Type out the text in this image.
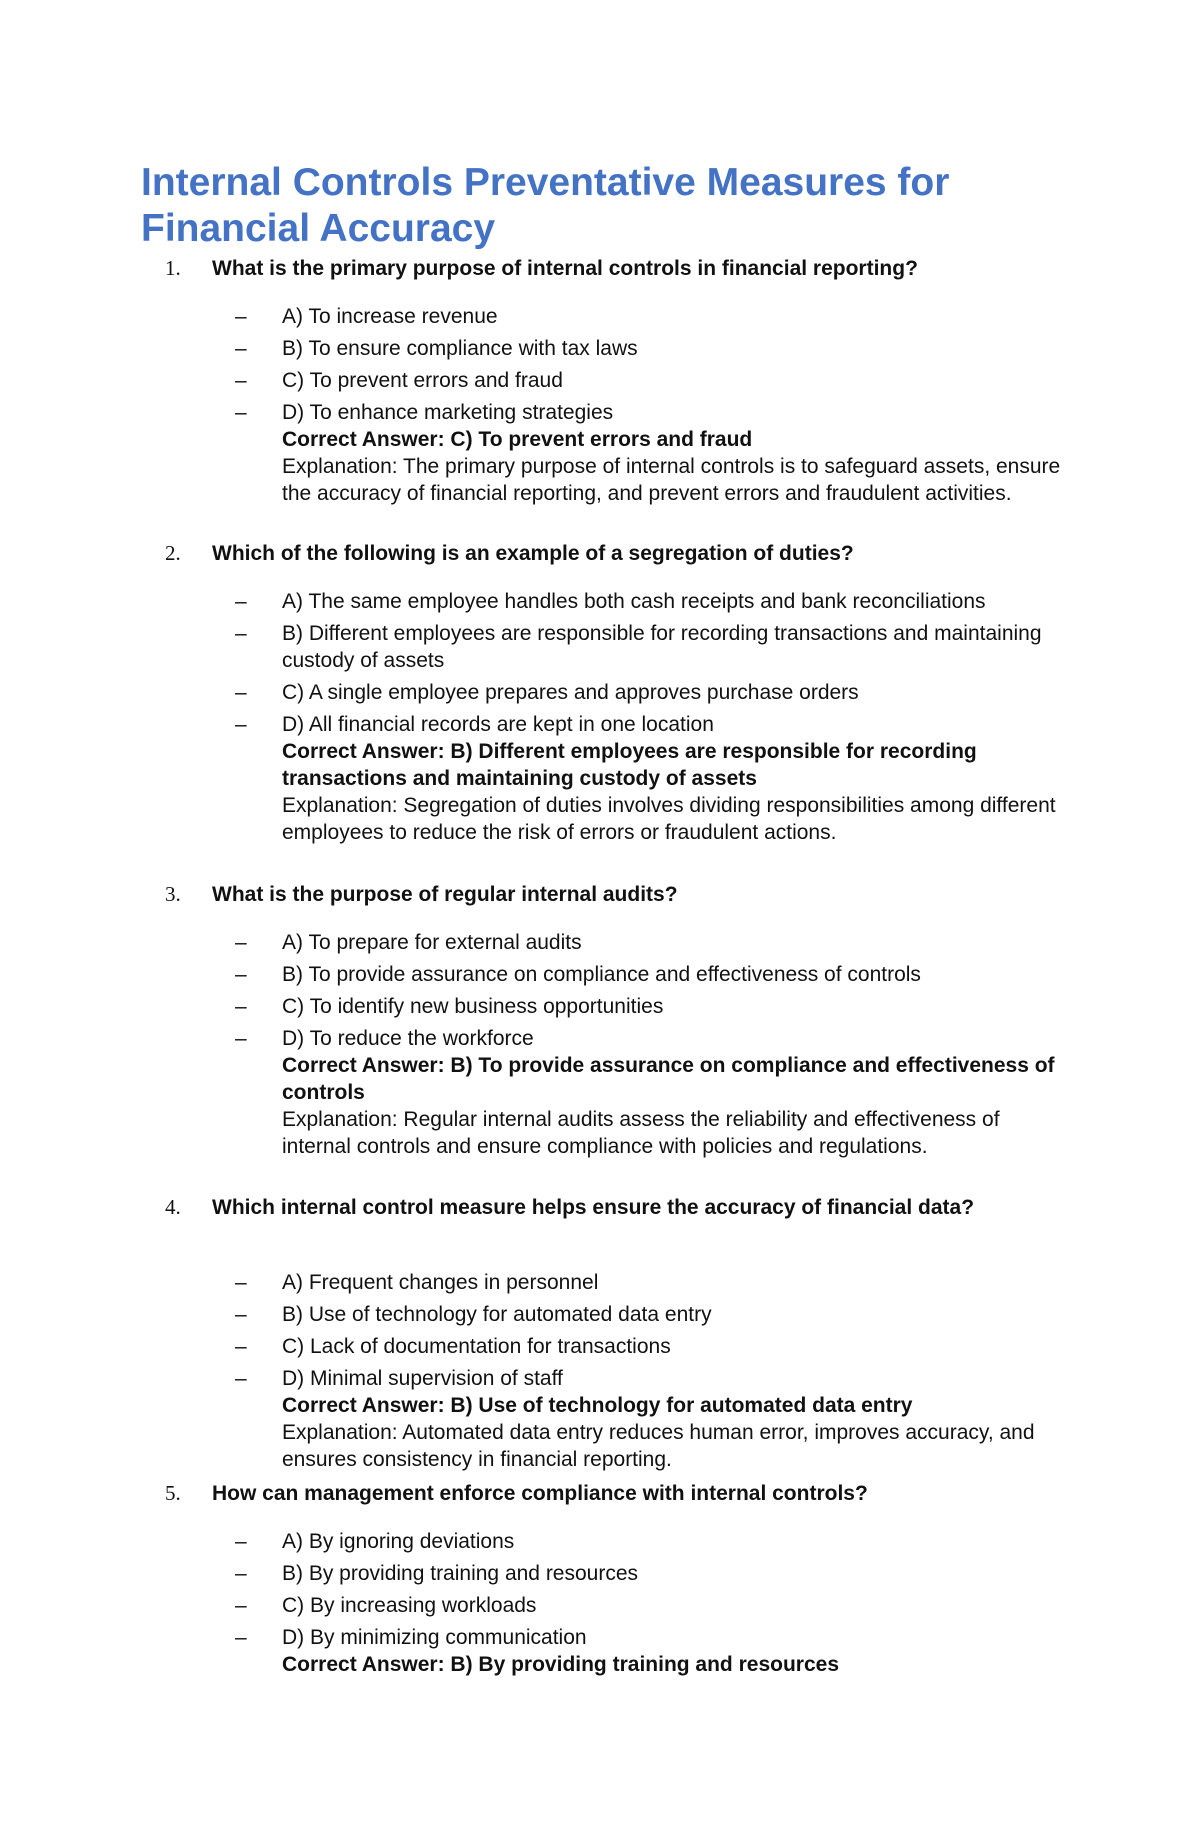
Internal Controls Preventative Measures for Financial Accuracy
1. What is the primary purpose of internal controls in financial reporting?
– A) To increase revenue
– B) To ensure compliance with tax laws
– C) To prevent errors and fraud
– D) To enhance marketing strategies
Correct Answer: C) To prevent errors and fraud
Explanation: The primary purpose of internal controls is to safeguard assets, ensure the accuracy of financial reporting, and prevent errors and fraudulent activities.
2. Which of the following is an example of a segregation of duties?
– A) The same employee handles both cash receipts and bank reconciliations
– B) Different employees are responsible for recording transactions and maintaining custody of assets
– C) A single employee prepares and approves purchase orders
– D) All financial records are kept in one location
Correct Answer: B) Different employees are responsible for recording transactions and maintaining custody of assets
Explanation: Segregation of duties involves dividing responsibilities among different employees to reduce the risk of errors or fraudulent actions.
3. What is the purpose of regular internal audits?
– A) To prepare for external audits
– B) To provide assurance on compliance and effectiveness of controls
– C) To identify new business opportunities
– D) To reduce the workforce
Correct Answer: B) To provide assurance on compliance and effectiveness of controls
Explanation: Regular internal audits assess the reliability and effectiveness of internal controls and ensure compliance with policies and regulations.
4. Which internal control measure helps ensure the accuracy of financial data?
– A) Frequent changes in personnel
– B) Use of technology for automated data entry
– C) Lack of documentation for transactions
– D) Minimal supervision of staff
Correct Answer: B) Use of technology for automated data entry
Explanation: Automated data entry reduces human error, improves accuracy, and ensures consistency in financial reporting.
5. How can management enforce compliance with internal controls?
– A) By ignoring deviations
– B) By providing training and resources
– C) By increasing workloads
– D) By minimizing communication
Correct Answer: B) By providing training and resources
